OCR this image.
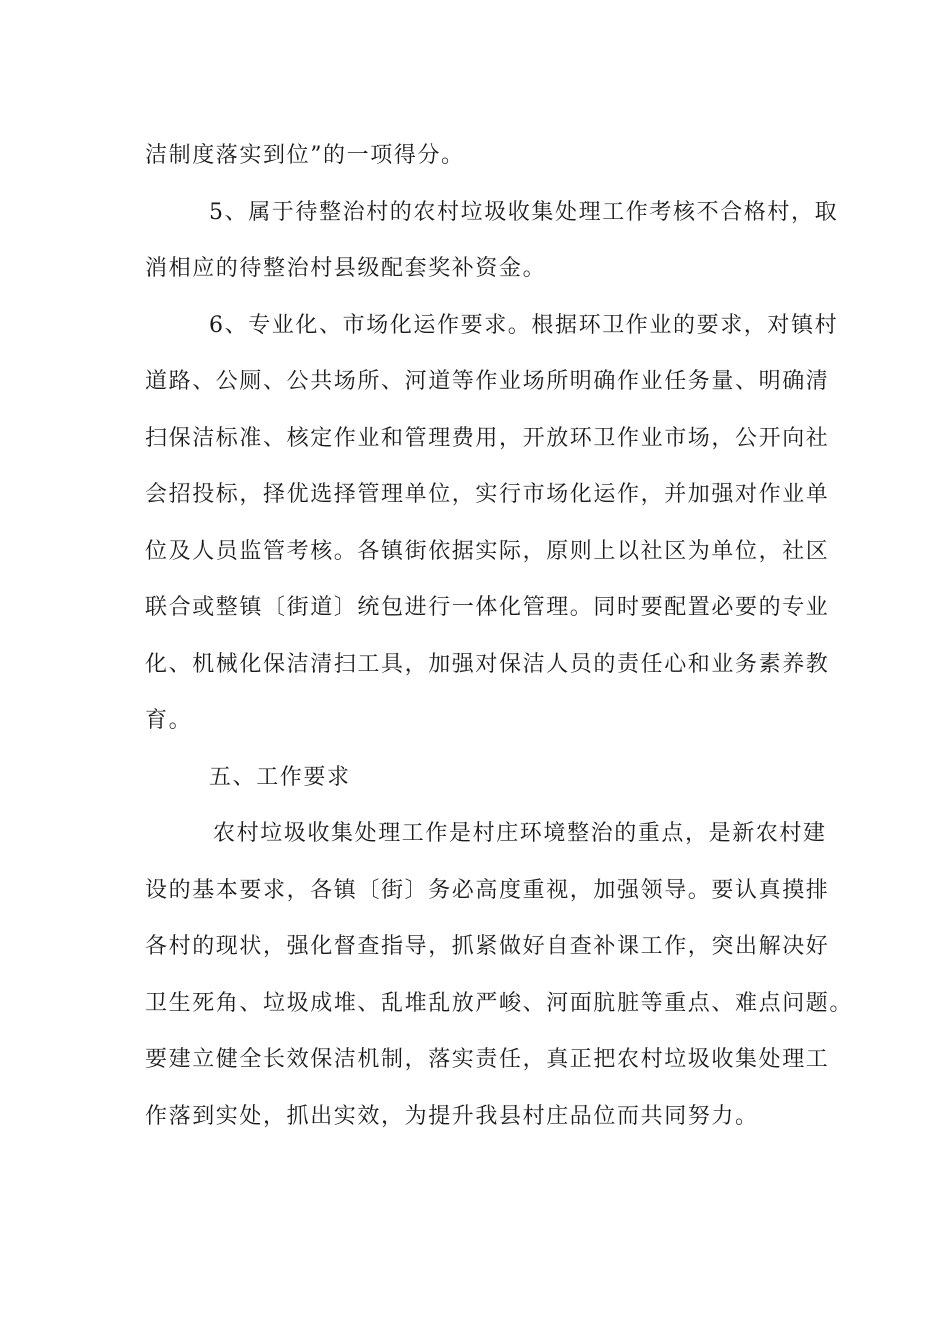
洁制度落实到位”的一项得分。
5、属于待整治村的农村垃圾收集处理工作考核不合格村，取
消相应的待整治村县级配套奖补资金。
6、专业化、市场化运作要求。根据环卫作业的要求，对镇村
道路、公厕、公共场所、河道等作业场所明确作业任务量、明确清
扫保洁标准、核定作业和管理费用，开放环卫作业市场，公开向社
会招投标，择优选择管理单位，实行市场化运作，并加强对作业单
位及人员监管考核。各镇街依据实际，原则上以社区为单位，社区
联合或整镇〔街道〕统包进行一体化管理。同时要配置必要的专业
化、机械化保洁清扫工具，加强对保洁人员的责任心和业务素养教
育。
五、工作要求
农村垃圾收集处理工作是村庄环境整治的重点，是新农村建
设的基本要求，各镇〔街〕务必高度重视，加强领导。要认真摸排
各村的现状，强化督查指导，抓紧做好自查补课工作，突出解决好
卫生死角、垃圾成堆、乱堆乱放严峻、河面肮脏等重点、难点问题。
要建立健全长效保洁机制，落实责任，真正把农村垃圾收集处理工
作落到实处，抓出实效，为提升我县村庄品位而共同努力。
